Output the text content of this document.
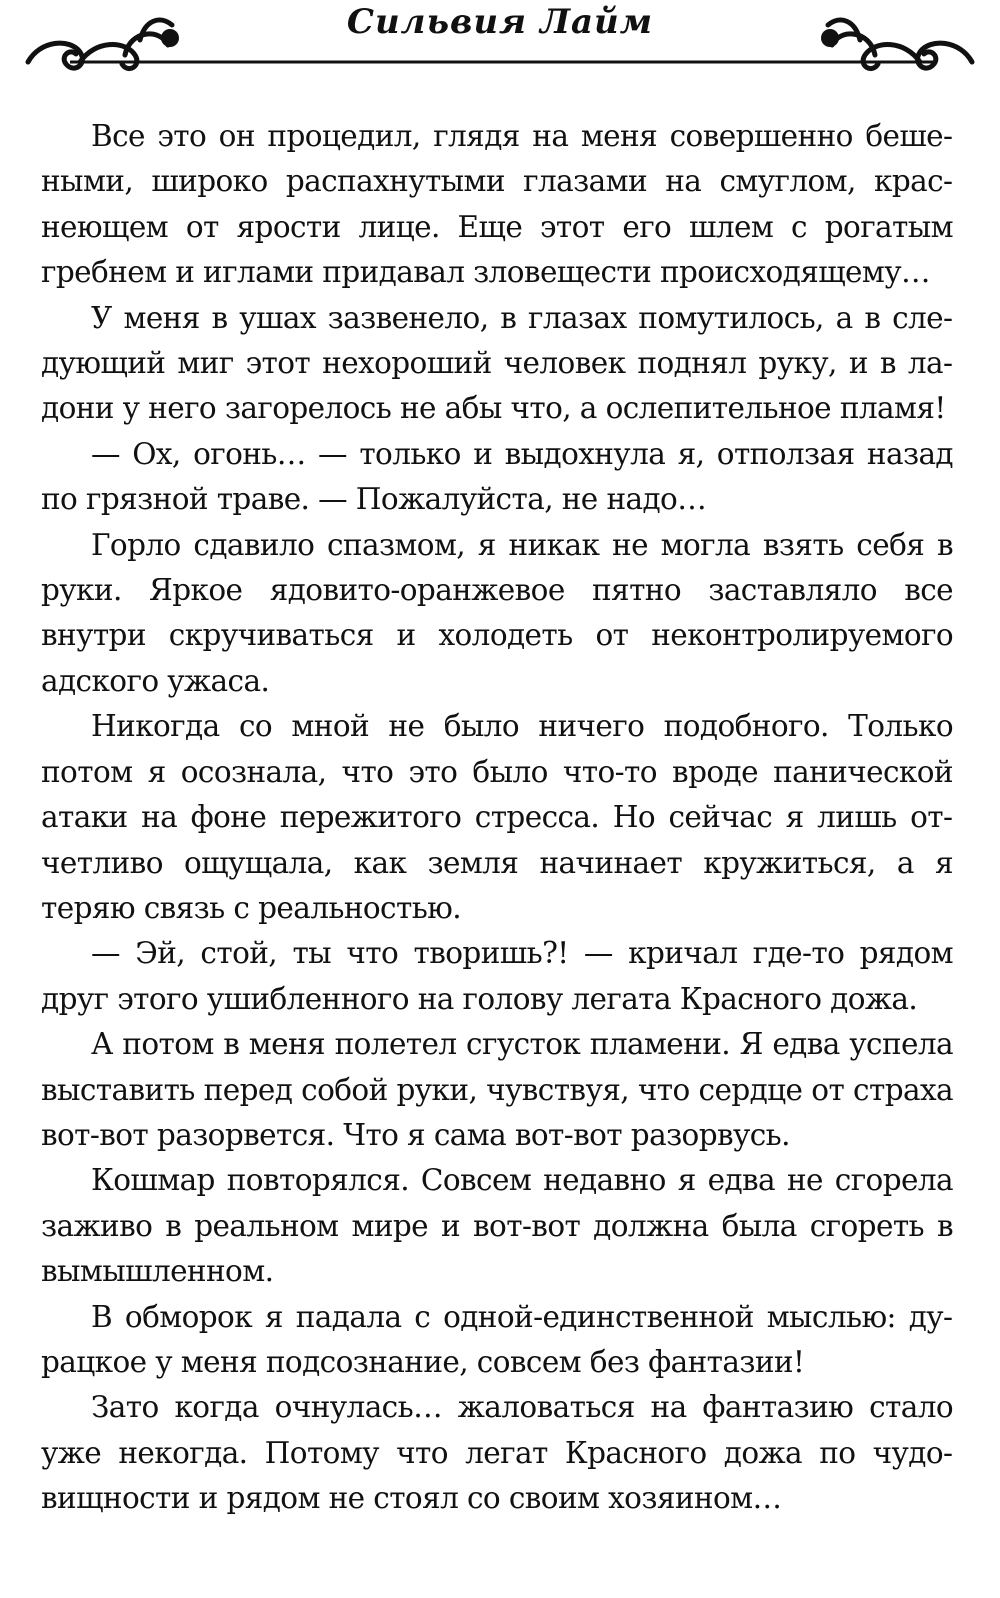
Сильвия Лайм

Все это он процедил, глядя на меня совершенно бешеными, широко распахнутыми глазами на смуглом, краснеющем от ярости лице. Еще этот его шлем с рогатым гребнем и иглами придавал зловещести происходящему…

У меня в ушах зазвенело, в глазах помутилось, а в следующий миг этот нехороший человек поднял руку, и в ладони у него загорелось не абы что, а ослепительное пламя!

— Ох, огонь… — только и выдохнула я, отползая назад по грязной траве. — Пожалуйста, не надо…

Горло сдавило спазмом, я никак не могла взять себя в руки. Яркое ядовито-оранжевое пятно заставляло все внутри скручиваться и холодеть от неконтролируемого адского ужаса.

Никогда со мной не было ничего подобного. Только потом я осознала, что это было что-то вроде панической атаки на фоне пережитого стресса. Но сейчас я лишь отчетливо ощущала, как земля начинает кружиться, а я теряю связь с реальностью.

— Эй, стой, ты что творишь?! — кричал где-то рядом друг этого ушибленного на голову легата Красного дожа.

А потом в меня полетел сгусток пламени. Я едва успела выставить перед собой руки, чувствуя, что сердце от страха вот-вот разорвется. Что я сама вот-вот разорвусь.

Кошмар повторялся. Совсем недавно я едва не сгорела заживо в реальном мире и вот-вот должна была сгореть в вымышленном.

В обморок я падала с одной-единственной мыслью: дурацкое у меня подсознание, совсем без фантазии!

Зато когда очнулась… жаловаться на фантазию стало уже некогда. Потому что легат Красного дожа по чудовищности и рядом не стоял со своим хозяином…
